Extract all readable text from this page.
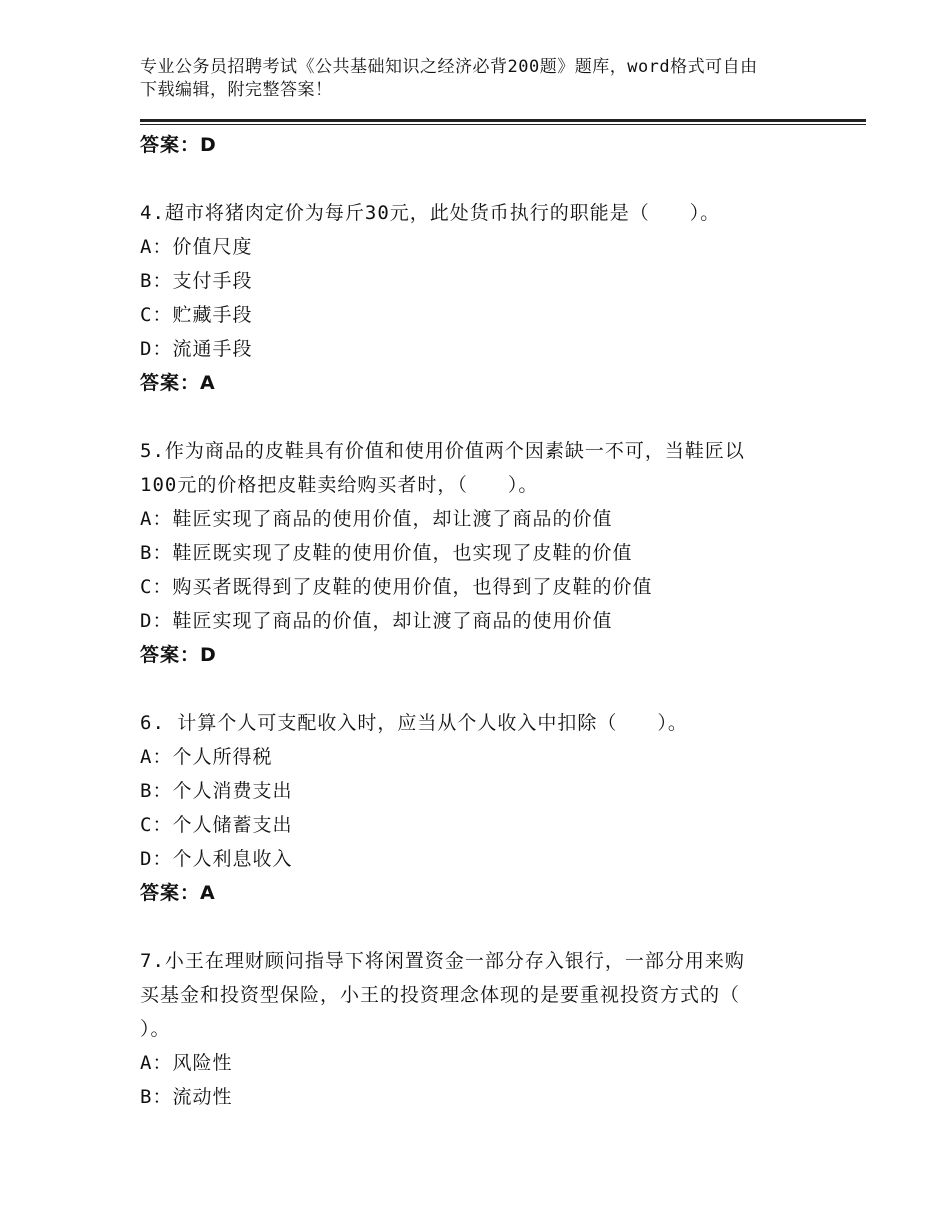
专业公务员招聘考试《公共基础知识之经济必背200题》题库，word格式可自由
下载编辑，附完整答案！
答案：D
4.超市将猪肉定价为每斤30元，此处货币执行的职能是（　　）。
A：价值尺度
B：支付手段
C：贮藏手段
D：流通手段
答案：A
5.作为商品的皮鞋具有价值和使用价值两个因素缺一不可，当鞋匠以
100元的价格把皮鞋卖给购买者时，（　　）。
A：鞋匠实现了商品的使用价值，却让渡了商品的价值
B：鞋匠既实现了皮鞋的使用价值，也实现了皮鞋的价值
C：购买者既得到了皮鞋的使用价值，也得到了皮鞋的价值
D：鞋匠实现了商品的价值，却让渡了商品的使用价值
答案：D
6. 计算个人可支配收入时，应当从个人收入中扣除（　　）。
A：个人所得税
B：个人消费支出
C：个人储蓄支出
D：个人利息收入
答案：A
7.小王在理财顾问指导下将闲置资金一部分存入银行，一部分用来购
买基金和投资型保险，小王的投资理念体现的是要重视投资方式的（
）。
A：风险性
B：流动性
